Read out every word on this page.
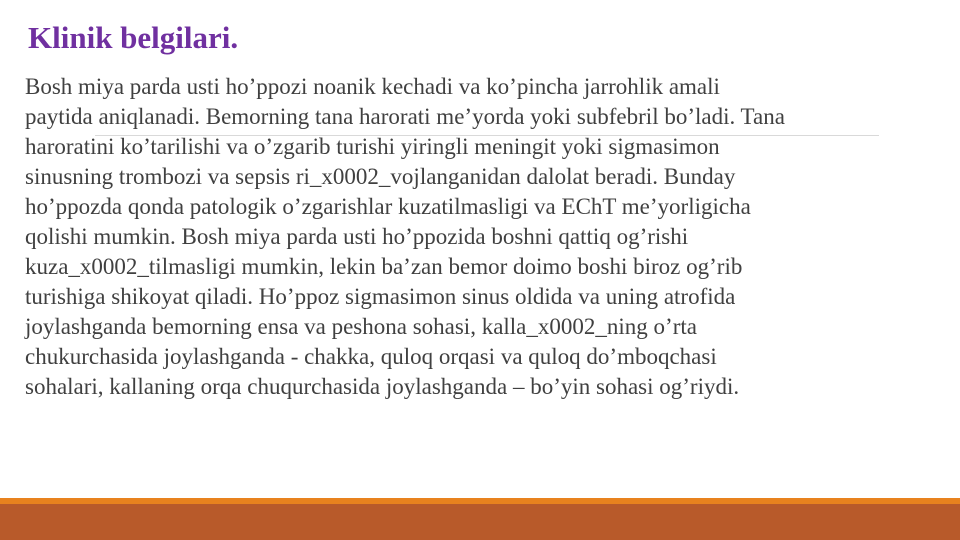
Klinik belgilari.
Bosh miya parda usti ho’ppozi noanik kechadi va ko’pincha jarrohlik amali
paytida aniqlanadi. Bemorning tana harorati me’yorda yoki subfebril bo’ladi. Tana
haroratini ko’tarilishi va o’zgarib turishi yiringli meningit yoki sigmasimon
sinusning trombozi va sepsis ri_x0002_vojlanganidan dalolat beradi. Bunday
ho’ppozda qonda patologik o’zgarishlar kuzatilmasligi va EChT me’yorligicha
qolishi mumkin. Bosh miya parda usti ho’ppozida boshni qattiq og’rishi
kuza_x0002_tilmasligi mumkin, lekin ba’zan bemor doimo boshi biroz og’rib
turishiga shikoyat qiladi. Ho’ppoz sigmasimon sinus oldida va uning atrofida
joylashganda bemorning ensa va peshona sohasi, kalla_x0002_ning o’rta
chukurchasida joylashganda - chakka, quloq orqasi va quloq do’mboqchasi
sohalari, kallaning orqa chuqurchasida joylashganda – bo’yin sohasi og’riydi.
